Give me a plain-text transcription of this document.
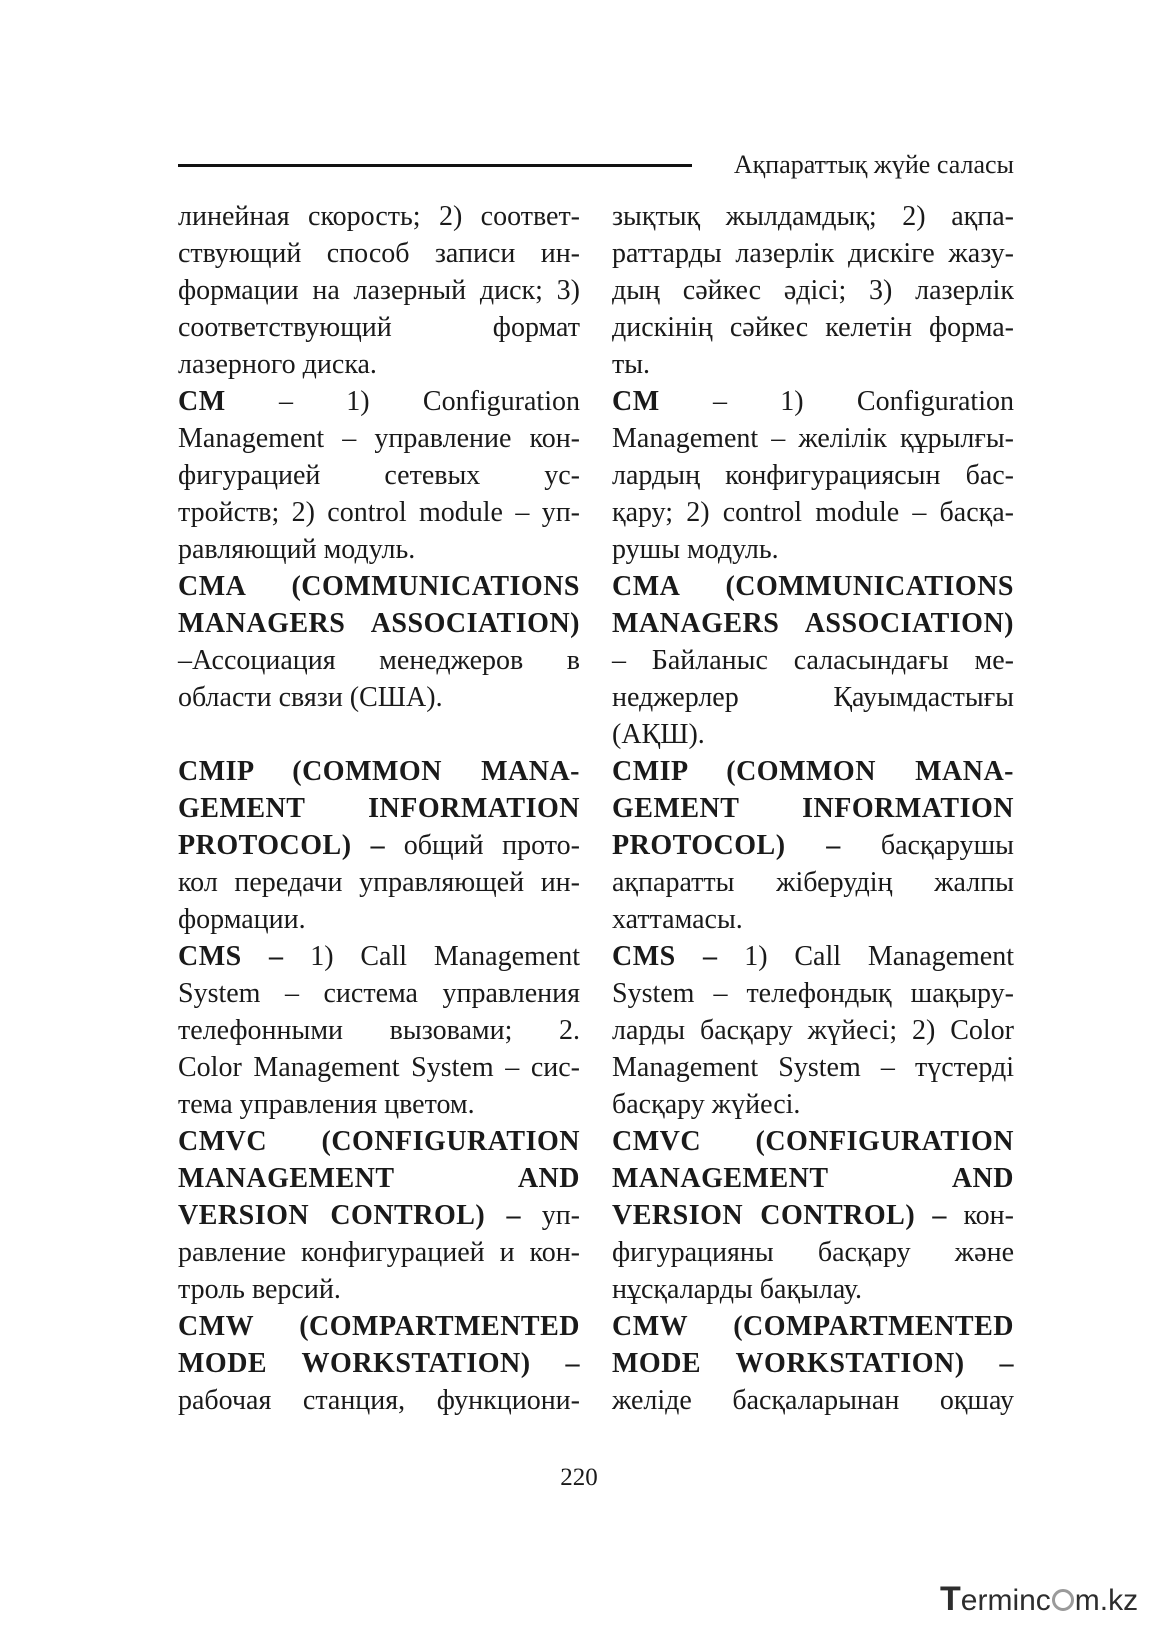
Ақпараттық жүйе саласы
линейная скорость; 2) соответ-
ствующий способ записи ин-
формации на лазерный диск; 3)
соответствующий формат
лазерного диска.
CM – 1) Configuration
Management – управление кон-
фигурацией сетевых ус-
тройств; 2) control module – уп-
равляющий модуль.
CMA (COMMUNICATIONS
MANAGERS ASSOCIATION)
–Ассоциация менеджеров в
области связи (США).
CMIP (COMMON MANA-
GEMENT INFORMATION
PROTOCOL) – общий прото-
кол передачи управляющей ин-
формации.
CMS – 1) Call Management
System – система управления
телефонными вызовами; 2.
Color Management System – сис-
тема управления цветом.
CMVC (CONFIGURATION
MANAGEMENT AND
VERSION CONTROL) – уп-
равление конфигурацией и кон-
троль версий.
CMW (COMPARTMENTED
MODE WORKSTATION) –
рабочая станция, функциони-
зықтық жылдамдық; 2) ақпа-
раттарды лазерлік дискіге жазу-
дың сәйкес әдісі; 3) лазерлік
дискінің сәйкес келетін форма-
ты.
CM – 1) Configuration
Management – желілік құрылғы-
лардың конфигурациясын бас-
қару; 2) control module – басқа-
рушы модуль.
CMA (COMMUNICATIONS
MANAGERS ASSOCIATION)
– Байланыс саласындағы ме-
неджерлер Қауымдастығы
(АҚШ).
CMIP (COMMON MANA-
GEMENT INFORMATION
PROTOCOL) – басқарушы
ақпаратты жіберудің жалпы
хаттамасы.
CMS – 1) Call Management
System – телефондық шақыру-
ларды басқару жүйесі; 2) Color
Management System – түстерді
басқару жүйесі.
CMVC (CONFIGURATION
MANAGEMENT AND
VERSION CONTROL) – кон-
фигурацияны басқару және
нұсқаларды бақылау.
CMW (COMPARTMENTED
MODE WORKSTATION) –
желіде басқаларынан оқшау
220
Terminc m.kz
